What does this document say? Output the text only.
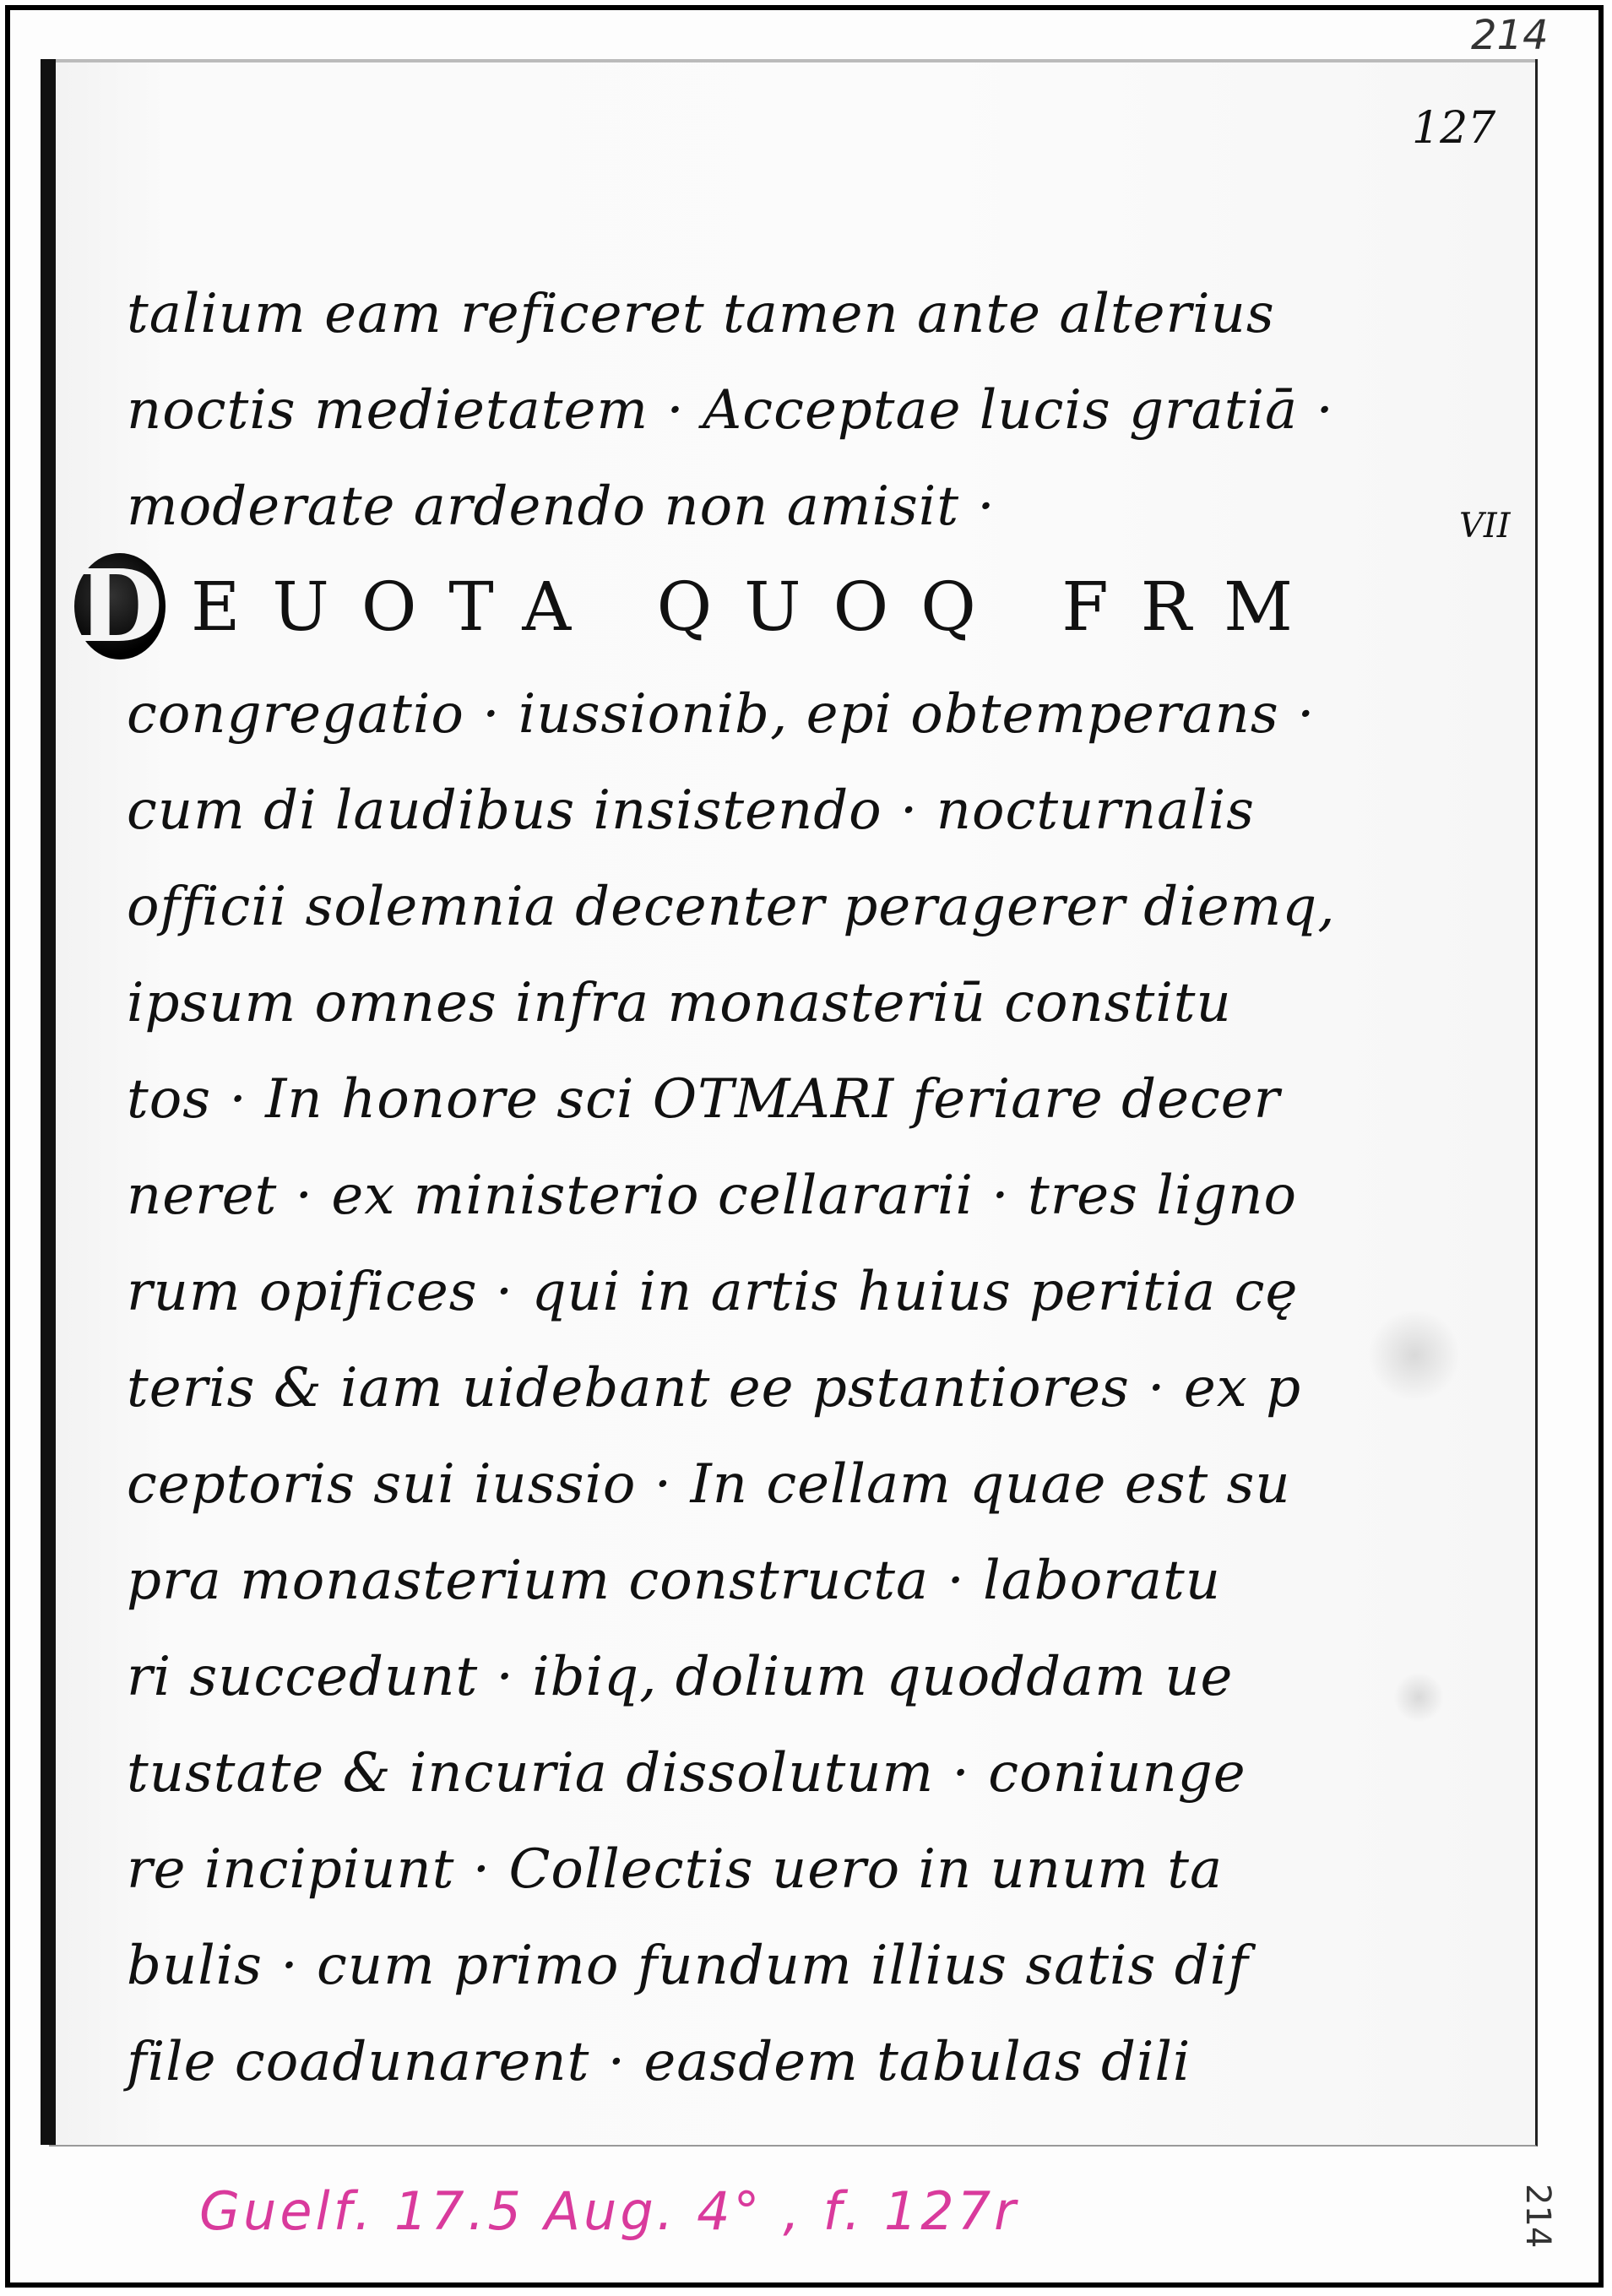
214
127
VII
talium eam reficeret tamen ante alterius
noctis medietatem · Acceptae lucis gratiā ·
moderate ardendo non amisit ·
D EUOTA QUOQ FRM
congregatio · iussionib, epi obtemperans ·
cum di laudibus insistendo · nocturnalis
officii solemnia decenter peragerer diemq,
ipsum omnes infra monasteriū constitu
tos · In honore sci OTMARI feriare decer
neret · ex ministerio cellararii · tres ligno
rum opifices · qui in artis huius peritia cę
teris & iam uidebant ee pstantiores · ex p
ceptoris sui iussio · In cellam quae est su
pra monasterium constructa · laboratu
ri succedunt · ibiq, dolium quoddam ue
tustate & incuria dissolutum · coniunge
re incipiunt · Collectis uero in unum ta
bulis · cum primo fundum illius satis dif
file coadunarent · easdem tabulas dili
Guelf. 17.5 Aug. 4° , f. 127r	214
